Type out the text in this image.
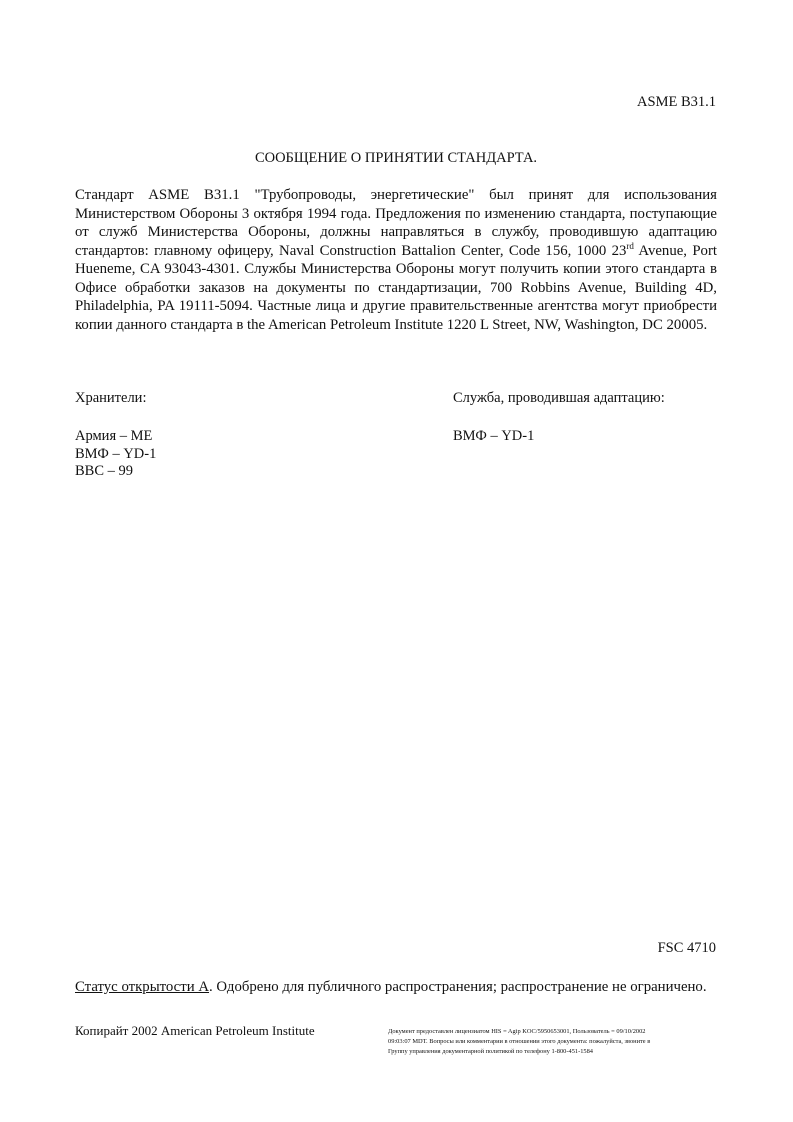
ASME B31.1
СООБЩЕНИЕ О ПРИНЯТИИ СТАНДАРТА.
Стандарт ASME B31.1 "Трубопроводы, энергетические" был принят для использования Министерством Обороны 3 октября 1994 года. Предложения по изменению стандарта, поступающие от служб Министерства Обороны, должны направляться в службу, проводившую адаптацию стандартов: главному офицеру, Naval Construction Battalion Center, Code 156, 1000 23rd Avenue, Port Hueneme, CA 93043-4301. Службы Министерства Обороны могут получить копии этого стандарта в Офисе обработки заказов на документы по стандартизации, 700 Robbins Avenue, Building 4D, Philadelphia, PA 19111-5094. Частные лица и другие правительственные агентства могут приобрести копии данного стандарта в the American Petroleum Institute 1220 L Street, NW, Washington, DC 20005.
Хранители:	Служба, проводившая адаптацию:
Армия – ME
ВМФ – YD-1
ВВС – 99
ВМФ – YD-1
FSC 4710
Статус открытости А. Одобрено для публичного распространения; распространение не ограничено.
Копирайт 2002 American Petroleum Institute	Документ предоставлен лицензиатом HIS = Agip KOC/5950653001, Пользователь = 09/10/2002
09:03:07 MDT. Вопросы или комментарии в отношении этого документа: пожалуйста, звоните в
Группу управления документарной политикой по телефону 1-800-451-1584
